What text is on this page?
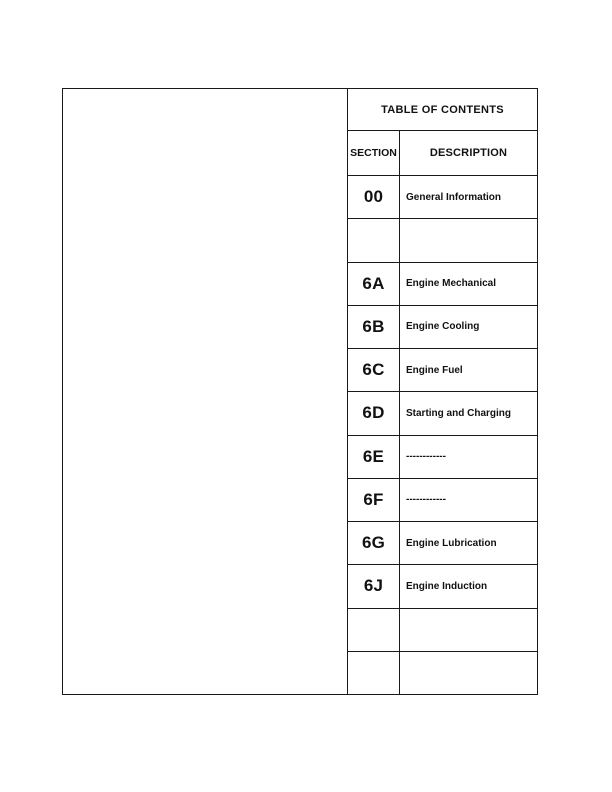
TABLE OF CONTENTS
SECTION	DESCRIPTION
00	General Information
6A	Engine Mechanical
6B	Engine Cooling
6C	Engine Fuel
6D	Starting and Charging
6E	------------
6F	------------
6G	Engine Lubrication
6J	Engine Induction
